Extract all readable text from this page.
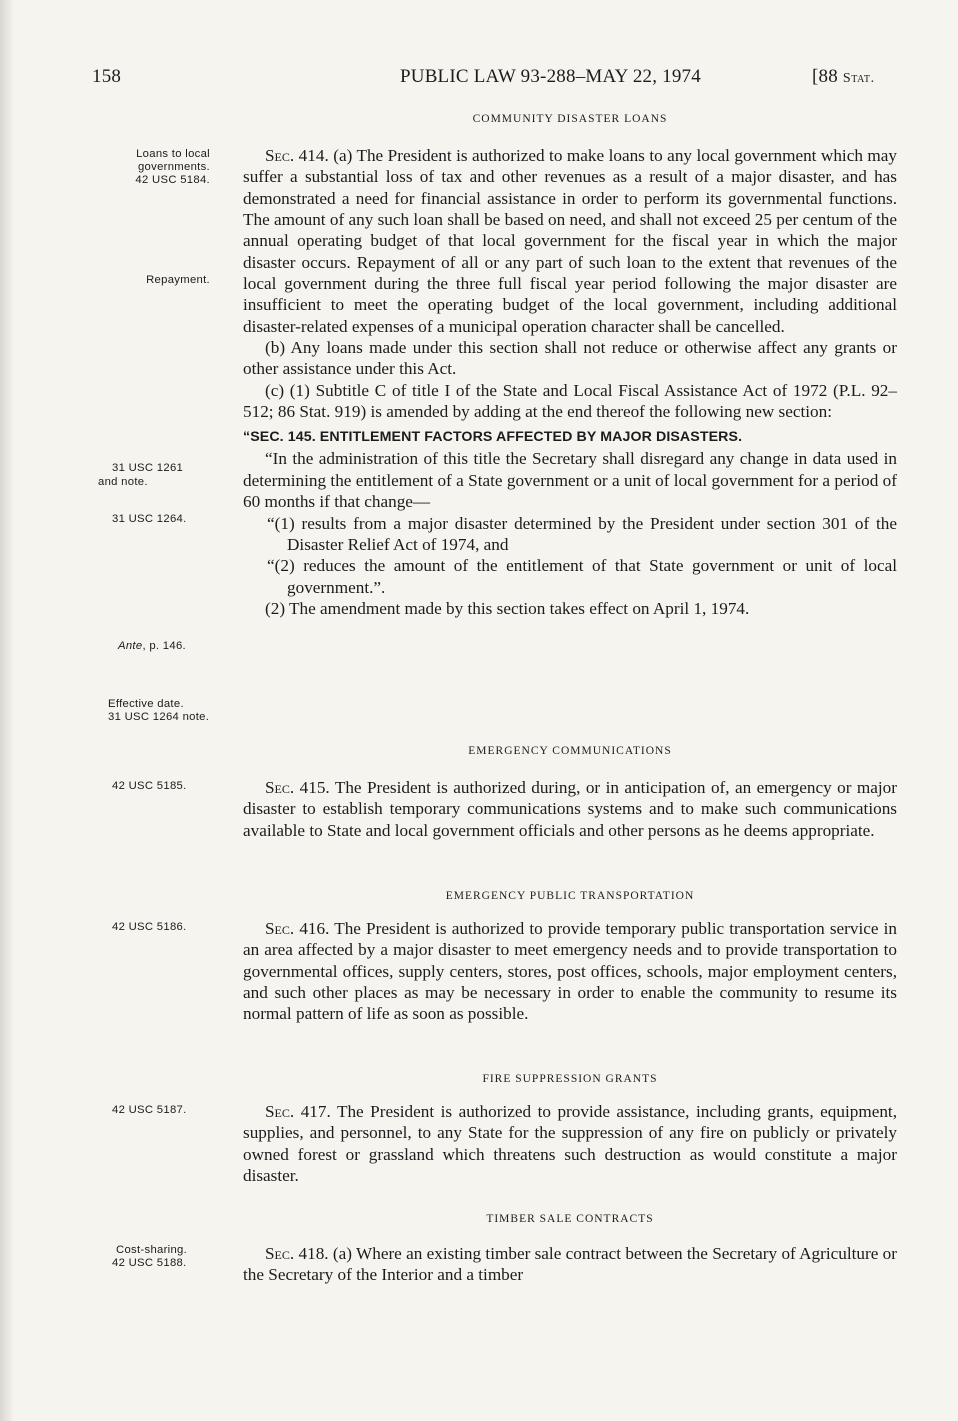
158	PUBLIC LAW 93-288–MAY 22, 1974	[88 Stat.
COMMUNITY DISASTER LOANS
Loans to local governments.
42 USC 5184.
Repayment.
31 USC 1261
and note.
31 USC 1264.
Ante, p. 146.
Effective date.
31 USC 1264 note.
42 USC 5185.
42 USC 5186.
42 USC 5187.
Cost-sharing.
42 USC 5188.

Sec. 414. (a) The President is authorized to make loans to any local government which may suffer a substantial loss of tax and other revenues as a result of a major disaster, and has demonstrated a need for financial assistance in order to perform its governmental functions. The amount of any such loan shall be based on need, and shall not exceed 25 per centum of the annual operating budget of that local government for the fiscal year in which the major disaster occurs. Repayment of all or any part of such loan to the extent that revenues of the local government during the three full fiscal year period following the major disaster are insufficient to meet the operating budget of the local government, including additional disaster-related expenses of a municipal operation character shall be cancelled.

(b) Any loans made under this section shall not reduce or otherwise affect any grants or other assistance under this Act.

(c) (1) Subtitle C of title I of the State and Local Fiscal Assistance Act of 1972 (P.L. 92–512; 86 Stat. 919) is amended by adding at the end thereof the following new section:

“SEC. 145. ENTITLEMENT FACTORS AFFECTED BY MAJOR DISASTERS.

“In the administration of this title the Secretary shall disregard any change in data used in determining the entitlement of a State government or a unit of local government for a period of 60 months if that change—

“(1) results from a major disaster determined by the President under section 301 of the Disaster Relief Act of 1974, and

“(2) reduces the amount of the entitlement of that State government or unit of local government.”.

(2) The amendment made by this section takes effect on April 1, 1974.

EMERGENCY COMMUNICATIONS

Sec. 415. The President is authorized during, or in anticipation of, an emergency or major disaster to establish temporary communications systems and to make such communications available to State and local government officials and other persons as he deems appropriate.

EMERGENCY PUBLIC TRANSPORTATION

Sec. 416. The President is authorized to provide temporary public transportation service in an area affected by a major disaster to meet emergency needs and to provide transportation to governmental offices, supply centers, stores, post offices, schools, major employment centers, and such other places as may be necessary in order to enable the community to resume its normal pattern of life as soon as possible.

FIRE SUPPRESSION GRANTS

Sec. 417. The President is authorized to provide assistance, including grants, equipment, supplies, and personnel, to any State for the suppression of any fire on publicly or privately owned forest or grassland which threatens such destruction as would constitute a major disaster.

TIMBER SALE CONTRACTS

Sec. 418. (a) Where an existing timber sale contract between the Secretary of Agriculture or the Secretary of the Interior and a timber
